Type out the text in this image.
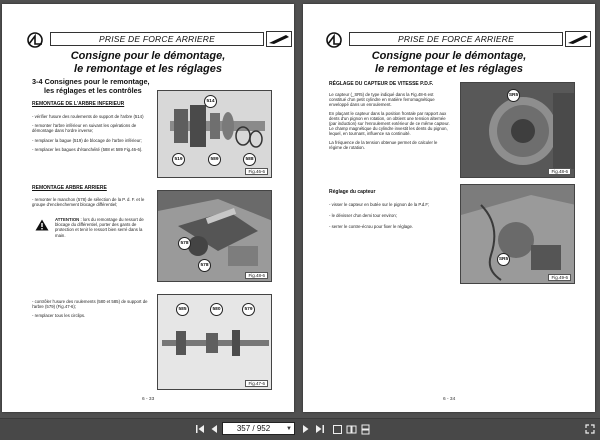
PRISE DE FORCE ARRIERE
Consigne pour le démontage,
le remontage et les réglages
3-4 Consignes pour le remontage,
les réglages et les contrôles
REMONTAGE DE L'ARBRE INFERIEUR
- vérifier l'usure des roulements de support de l'arbre (514)
- remonter l'arbre inférieur en suivant les opérations de démontage dans l'ordre inverse;
- remplacer la bague (519) de blocage de l'arbre inférieur;
- remplacer les bagues d'étanchéité (588 et 589 Fig.46-6).
REMONTAGE ARBRE ARRIERE
- remonter le manchon (578) de sélection de la P. d. F. et le groupe d'enclenchement blocage différentiel;
ATTENTION : lors du remontage du ressort de blocage du différentiel, porter des gants de protection et tenir le ressort bien serré dans la main.
- contrôler l'usure des roulements (580 et 585) de support de l'arbre (579) (Fig.47-6);
- remplacer tous les circlips.
514
519	589	588
Fig.46-6
578
578
Fig.48-6
585	580	579
Fig.47-6
6 - 33
PRISE DE FORCE ARRIERE
Consigne pour le démontage,
le remontage et les réglages
RÉGLAGE DU CAPTEUR DE VITESSE P.D.F.
Le capteur (_SR5) de type indiqué dans la Fig.48-6 est constitué d'un petit cylindre en matière ferromagnétique enveloppé dans un enroulement.
En plaçant le capteur dans la position frontale par rapport aux dents d'un pignon en rotation, on obtient une tension alternée (par induction) sur l'enroulement extérieur de ce même capteur. Le champ magnétique du cylindre investit les dents du pignon, lequel, en tournant, influence sa continuité.
La fréquence de la tension obtenue permet de calculer le régime de rotation.
Réglage du capteur
- visser le capteur en butée sur le pignon de la P.d.F;
- le dévisser d'un demi tour environ;
- serrer le contre-écrou pour fixer le réglage.
SR5
Fig.48-6
SR5
Fig.49-6
6 - 34
357 / 952	▼
